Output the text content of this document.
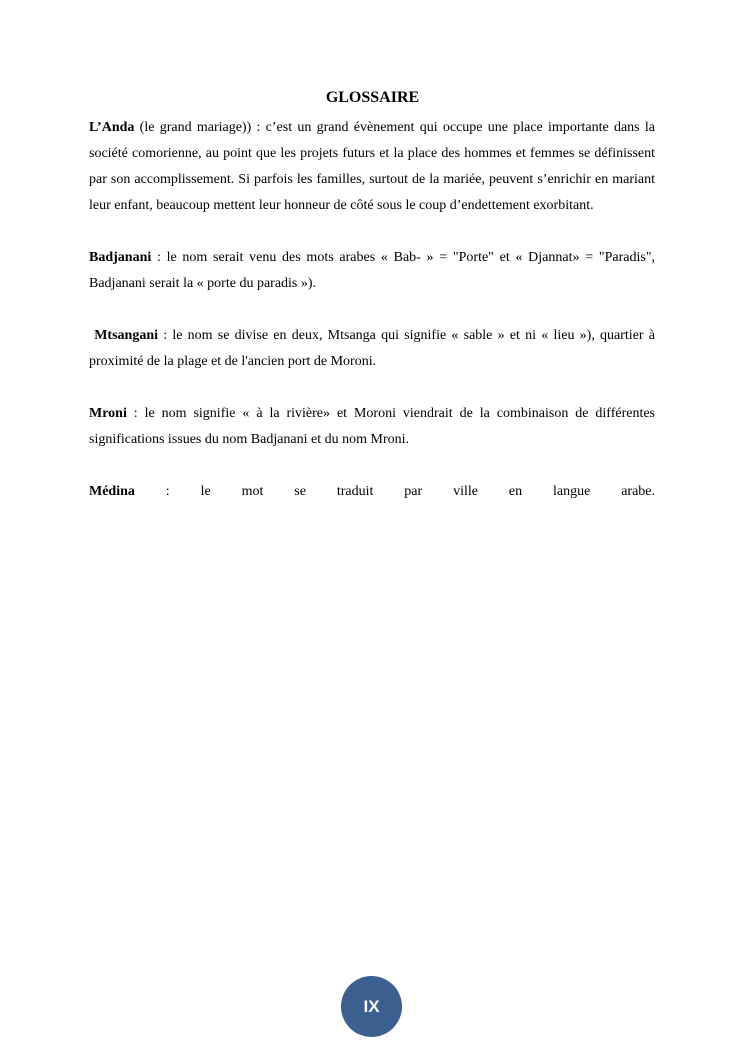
GLOSSAIRE

L’Anda (le grand mariage)) : c’est un grand évènement qui occupe une place importante dans la société comorienne, au point que les projets futurs et la place des hommes et femmes se définissent par son accomplissement. Si parfois les familles, surtout de la mariée, peuvent s’enrichir en mariant leur enfant, beaucoup mettent leur honneur de côté sous le coup d’endettement exorbitant.

Badjanani : le nom serait venu des mots arabes « Bab- » = "Porte" et « Djannat» = "Paradis", Badjanani serait la « porte du paradis »).

Mtsangani : le nom se divise en deux, Mtsanga qui signifie « sable » et ni « lieu »), quartier à proximité de la plage et de l'ancien port de Moroni.

Mroni : le nom signifie « à la rivière» et Moroni viendrait de la combinaison de différentes significations issues du nom Badjanani et du nom Mroni.

Médina : le mot se traduit par ville en langue arabe.

IX
